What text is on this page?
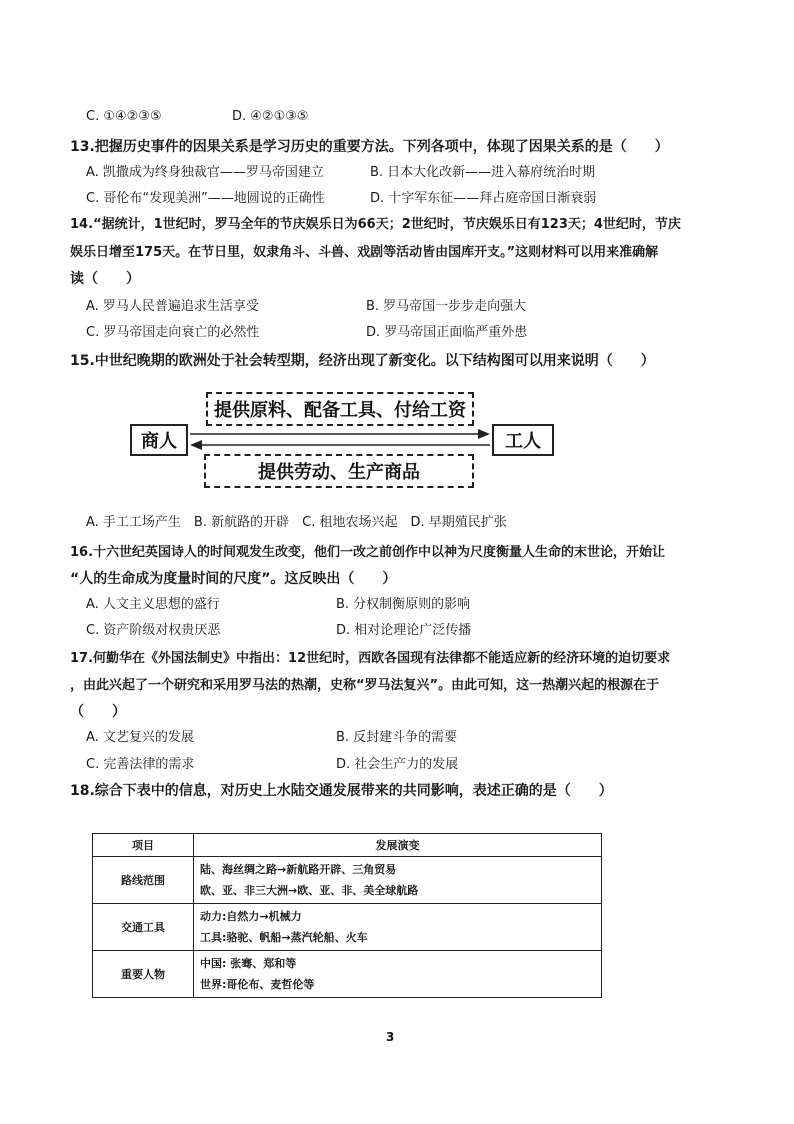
C. ①④②③⑤	D. ④②①③⑤
13.把握历史事件的因果关系是学习历史的重要方法。下列各项中，体现了因果关系的是（　　）
A. 凯撒成为终身独裁官——罗马帝国建立	B. 日本大化改新——进入幕府统治时期
C. 哥伦布“发现美洲”——地圆说的正确性	D. 十字军东征——拜占庭帝国日渐衰弱
14.“据统计，1世纪时，罗马全年的节庆娱乐日为66天；2世纪时，节庆娱乐日有123天；4世纪时，节庆
娱乐日增至175天。在节日里，奴隶角斗、斗兽、戏剧等活动皆由国库开支。”这则材料可以用来准确解
读（　　）
A. 罗马人民普遍追求生活享受	B. 罗马帝国一步步走向强大
C. 罗马帝国走向衰亡的必然性	D. 罗马帝国正面临严重外患
15.中世纪晚期的欧洲处于社会转型期，经济出现了新变化。以下结构图可以用来说明（　　）
提供原料、配备工具、付给工资
商人	工人
提供劳动、生产商品
A. 手工工场产生　B. 新航路的开辟　C. 租地农场兴起　D. 早期殖民扩张
16.十六世纪英国诗人的时间观发生改变，他们一改之前创作中以神为尺度衡量人生命的末世论，开始让
“人的生命成为度量时间的尺度”。这反映出（　　）
A. 人文主义思想的盛行	B. 分权制衡原则的影响
C. 资产阶级对权贵厌恶	D. 相对论理论广泛传播
17.何勤华在《外国法制史》中指出：12世纪时，西欧各国现有法律都不能适应新的经济环境的迫切要求
，由此兴起了一个研究和采用罗马法的热潮，史称“罗马法复兴”。由此可知，这一热潮兴起的根源在于
（　　）
A. 文艺复兴的发展	B. 反封建斗争的需要
C. 完善法律的需求	D. 社会生产力的发展
18.综合下表中的信息，对历史上水陆交通发展带来的共同影响，表述正确的是（　　）
项目	发展演变
路线范围	陆、海丝绸之路→新航路开辟、三角贸易
欧、亚、非三大洲→欧、亚、非、美全球航路

交通工具	动力:自然力→机械力
工具:骆驼、帆船→蒸汽轮船、火车

重要人物	中国: 张骞、郑和等
世界:哥伦布、麦哲伦等
3
